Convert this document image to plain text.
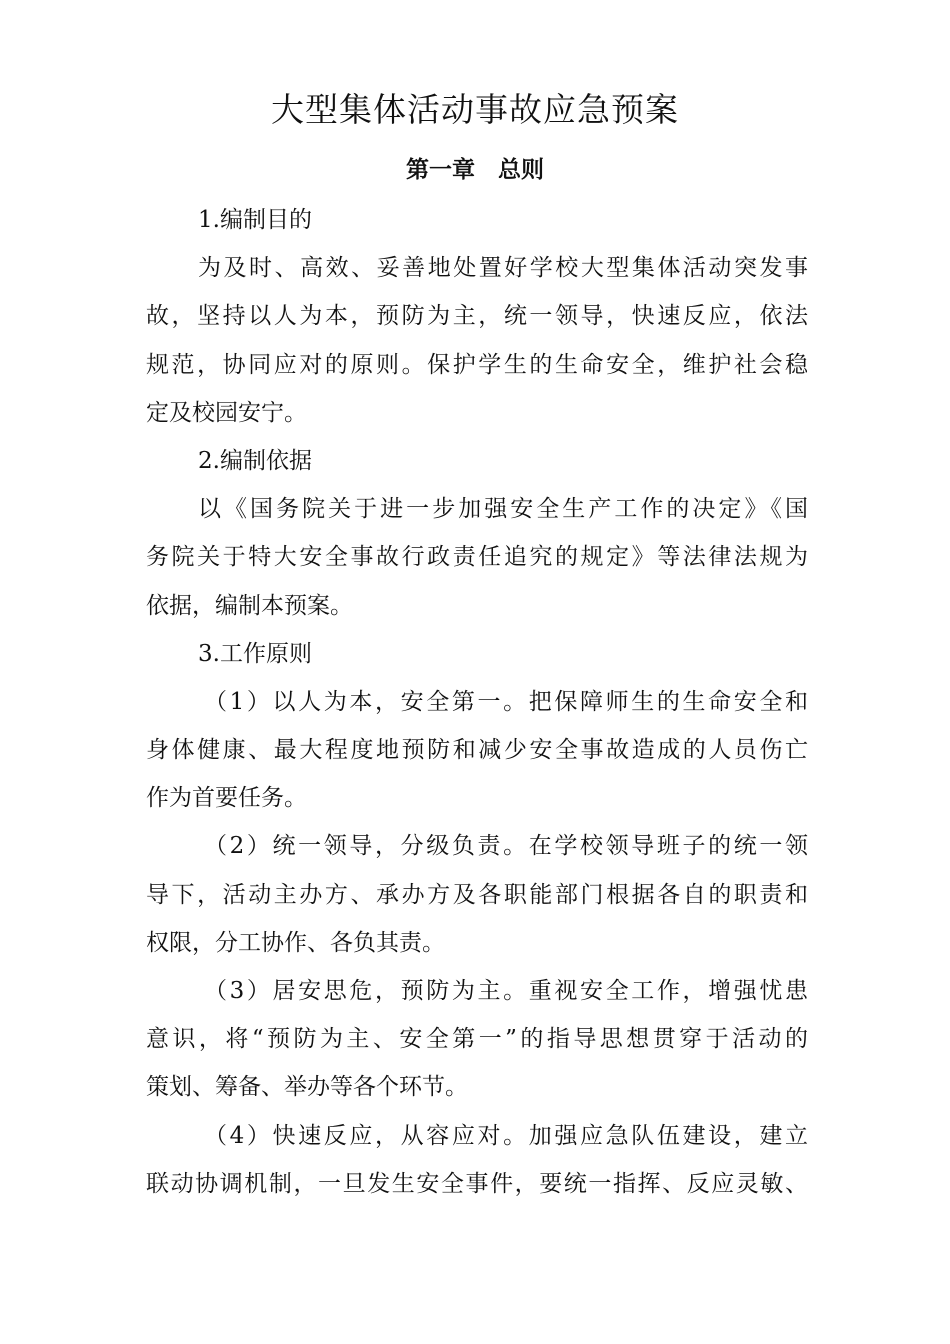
大型集体活动事故应急预案
第一章　总则
1.编制目的
为及时、高效、妥善地处置好学校大型集体活动突发事
故，坚持以人为本，预防为主，统一领导，快速反应，依法
规范，协同应对的原则。保护学生的生命安全，维护社会稳
定及校园安宁。
2.编制依据
以《国务院关于进一步加强安全生产工作的决定》《国
务院关于特大安全事故行政责任追究的规定》等法律法规为
依据，编制本预案。
3.工作原则
（1）以人为本，安全第一。把保障师生的生命安全和
身体健康、最大程度地预防和减少安全事故造成的人员伤亡
作为首要任务。
（2）统一领导，分级负责。在学校领导班子的统一领
导下，活动主办方、承办方及各职能部门根据各自的职责和
权限，分工协作、各负其责。
（3）居安思危，预防为主。重视安全工作，增强忧患
意识，将“预防为主、安全第一”的指导思想贯穿于活动的
策划、筹备、举办等各个环节。
（4）快速反应，从容应对。加强应急队伍建设，建立
联动协调机制，一旦发生安全事件，要统一指挥、反应灵敏、
